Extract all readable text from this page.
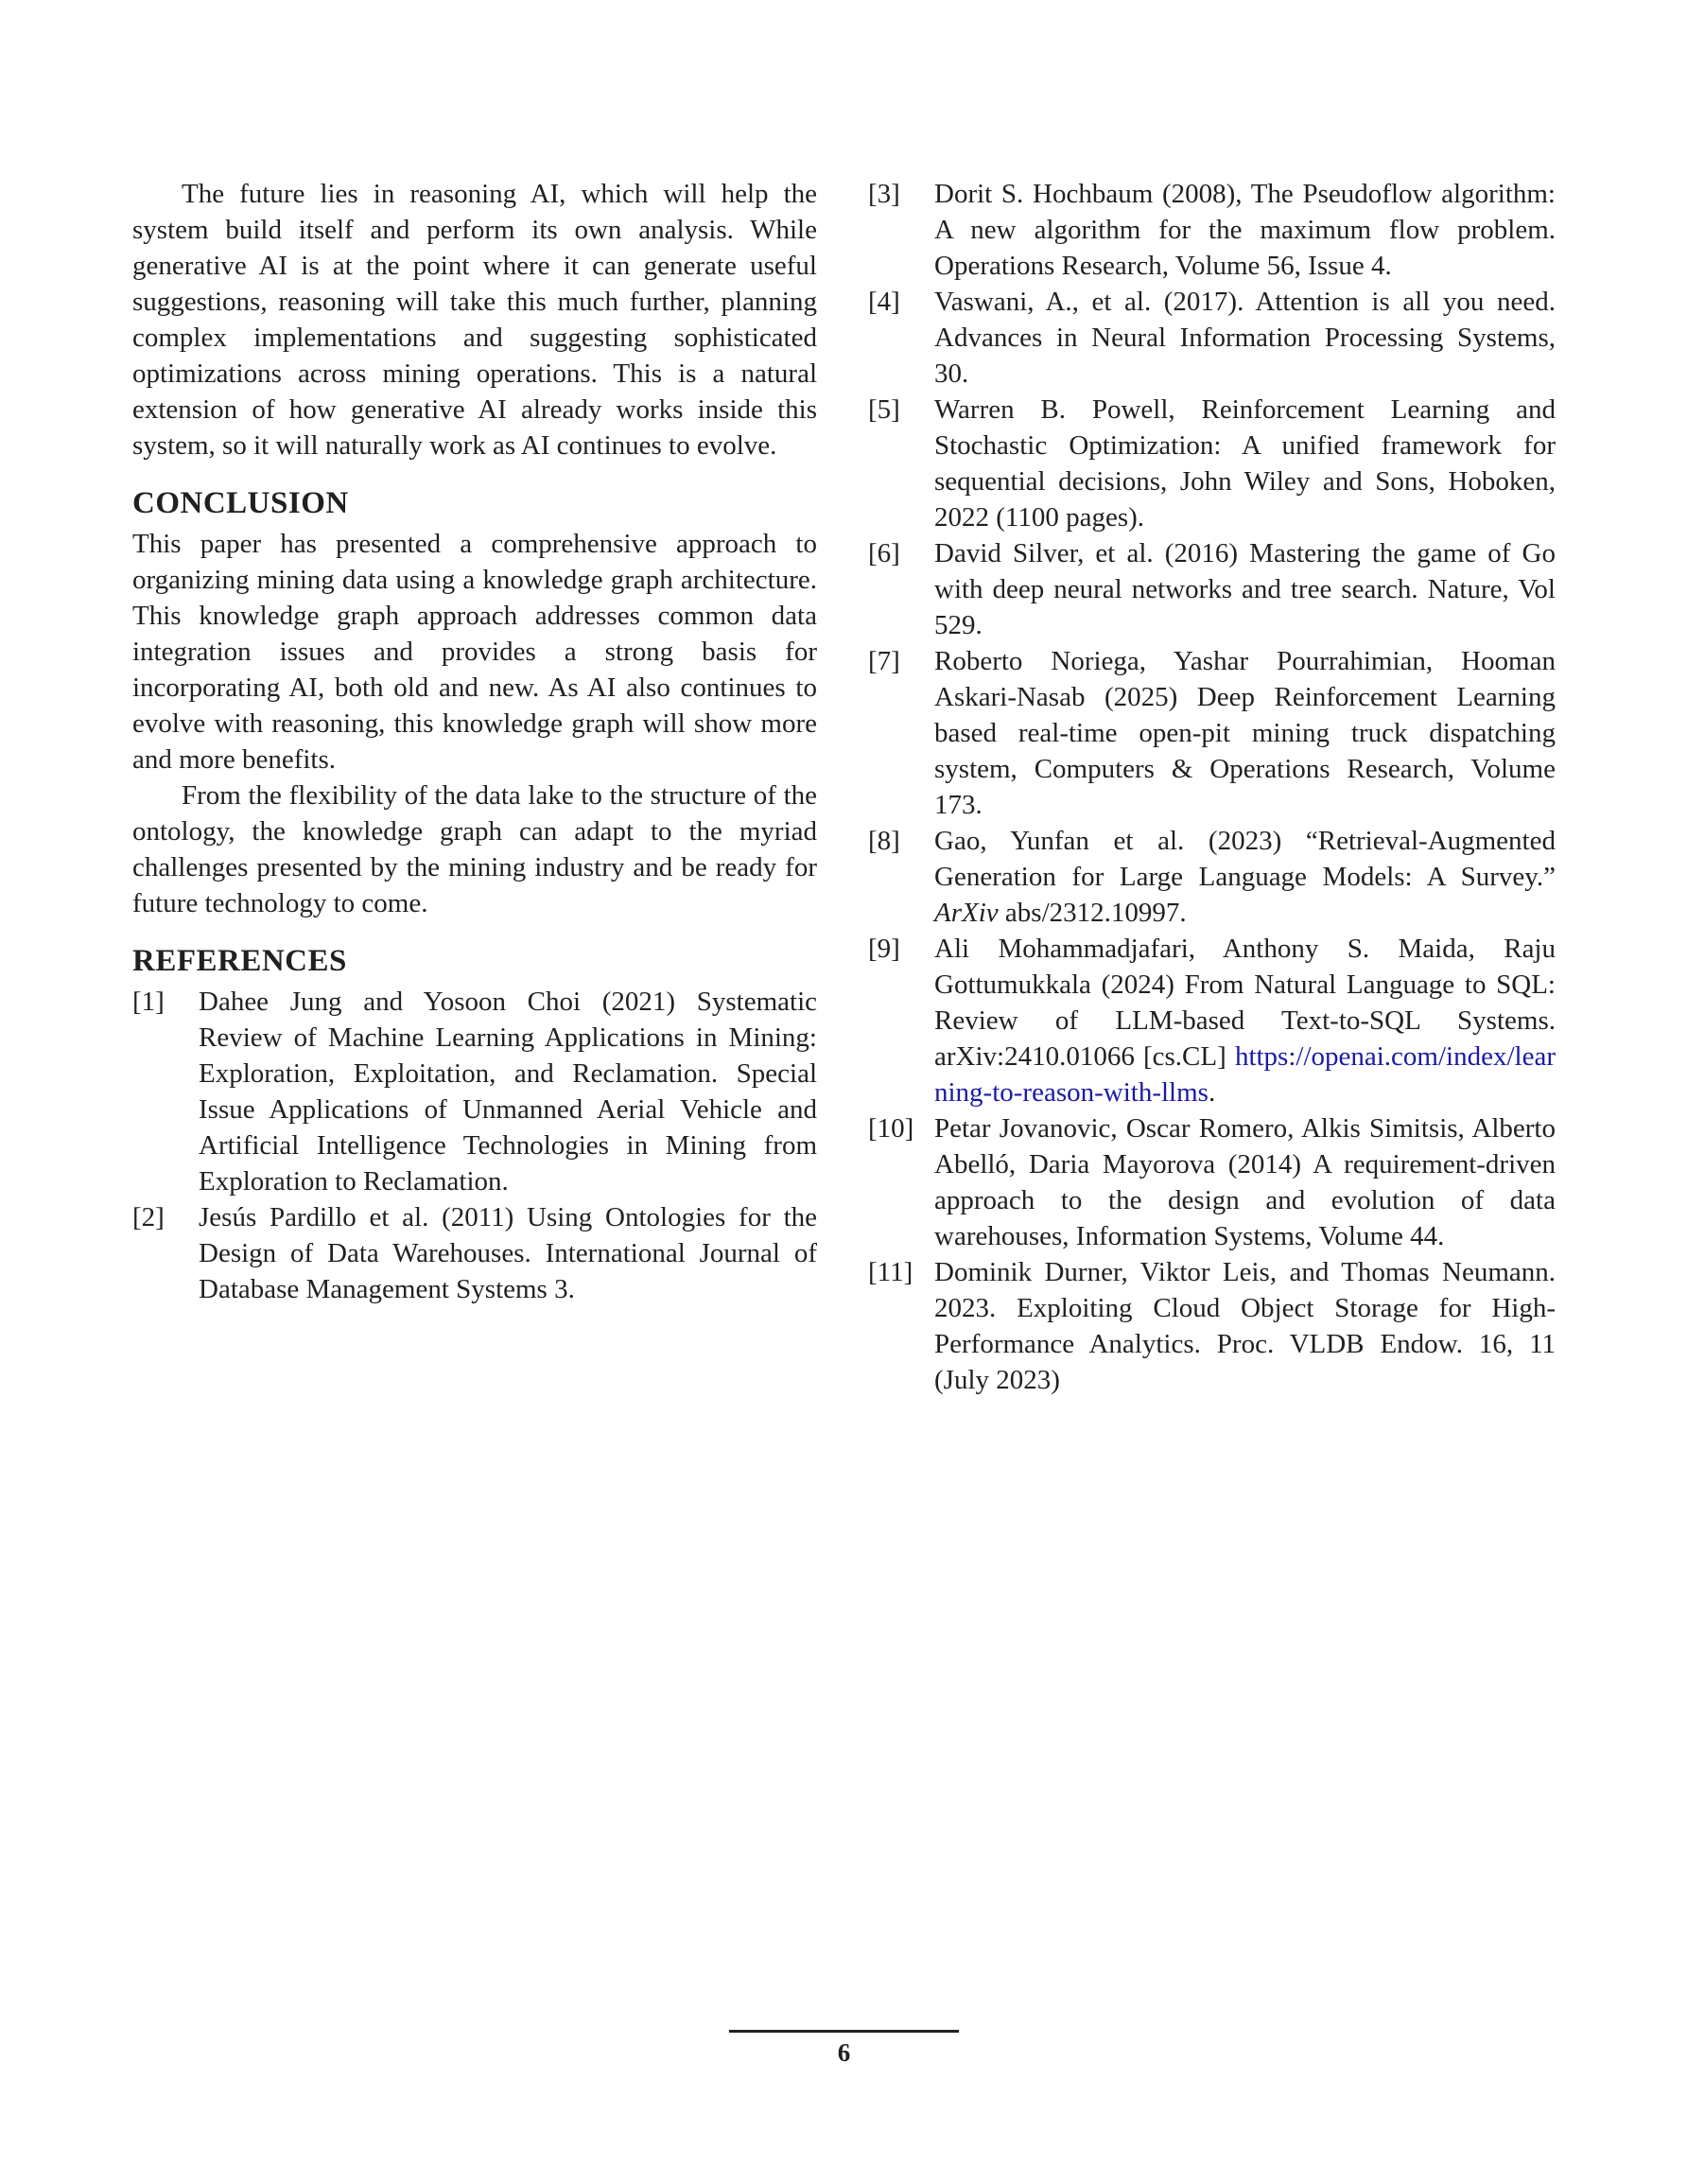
The future lies in reasoning AI, which will help the system build itself and perform its own analysis. While generative AI is at the point where it can generate useful suggestions, reasoning will take this much further, planning complex implementations and suggesting sophisticated optimizations across mining operations. This is a natural extension of how generative AI already works inside this system, so it will naturally work as AI continues to evolve.

CONCLUSION

This paper has presented a comprehensive approach to organizing mining data using a knowledge graph architecture. This knowledge graph approach addresses common data integration issues and provides a strong basis for incorporating AI, both old and new. As AI also continues to evolve with reasoning, this knowledge graph will show more and more benefits.

From the flexibility of the data lake to the structure of the ontology, the knowledge graph can adapt to the myriad challenges presented by the mining industry and be ready for future technology to come.

REFERENCES
[1] Dahee Jung and Yosoon Choi (2021) Systematic Review of Machine Learning Applications in Mining: Exploration, Exploitation, and Reclamation. Special Issue Applications of Unmanned Aerial Vehicle and Artificial Intelligence Technologies in Mining from Exploration to Reclamation.
[2] Jesús Pardillo et al. (2011) Using Ontologies for the Design of Data Warehouses. International Journal of Database Management Systems 3.
[3] Dorit S. Hochbaum (2008), The Pseudoflow algorithm: A new algorithm for the maximum flow problem. Operations Research, Volume 56, Issue 4.
[4] Vaswani, A., et al. (2017). Attention is all you need. Advances in Neural Information Processing Systems, 30.
[5] Warren B. Powell, Reinforcement Learning and Stochastic Optimization: A unified framework for sequential decisions, John Wiley and Sons, Hoboken, 2022 (1100 pages).
[6] David Silver, et al. (2016) Mastering the game of Go with deep neural networks and tree search. Nature, Vol 529.
[7] Roberto Noriega, Yashar Pourrahimian, Hooman Askari-Nasab (2025) Deep Reinforcement Learning based real-time open-pit mining truck dispatching system, Computers & Operations Research, Volume 173.
[8] Gao, Yunfan et al. (2023) “Retrieval-Augmented Generation for Large Language Models: A Survey.” ArXiv abs/2312.10997.
[9] Ali Mohammadjafari, Anthony S. Maida, Raju Gottumukkala (2024) From Natural Language to SQL: Review of LLM-based Text-to-SQL Systems. arXiv:2410.01066 [cs.CL] https://openai.com/index/learning-to-reason-with-llms.
[10] Petar Jovanovic, Oscar Romero, Alkis Simitsis, Alberto Abelló, Daria Mayorova (2014) A requirement-driven approach to the design and evolution of data warehouses, Information Systems, Volume 44.
[11] Dominik Durner, Viktor Leis, and Thomas Neumann. 2023. Exploiting Cloud Object Storage for High-Performance Analytics. Proc. VLDB Endow. 16, 11 (July 2023)
6
